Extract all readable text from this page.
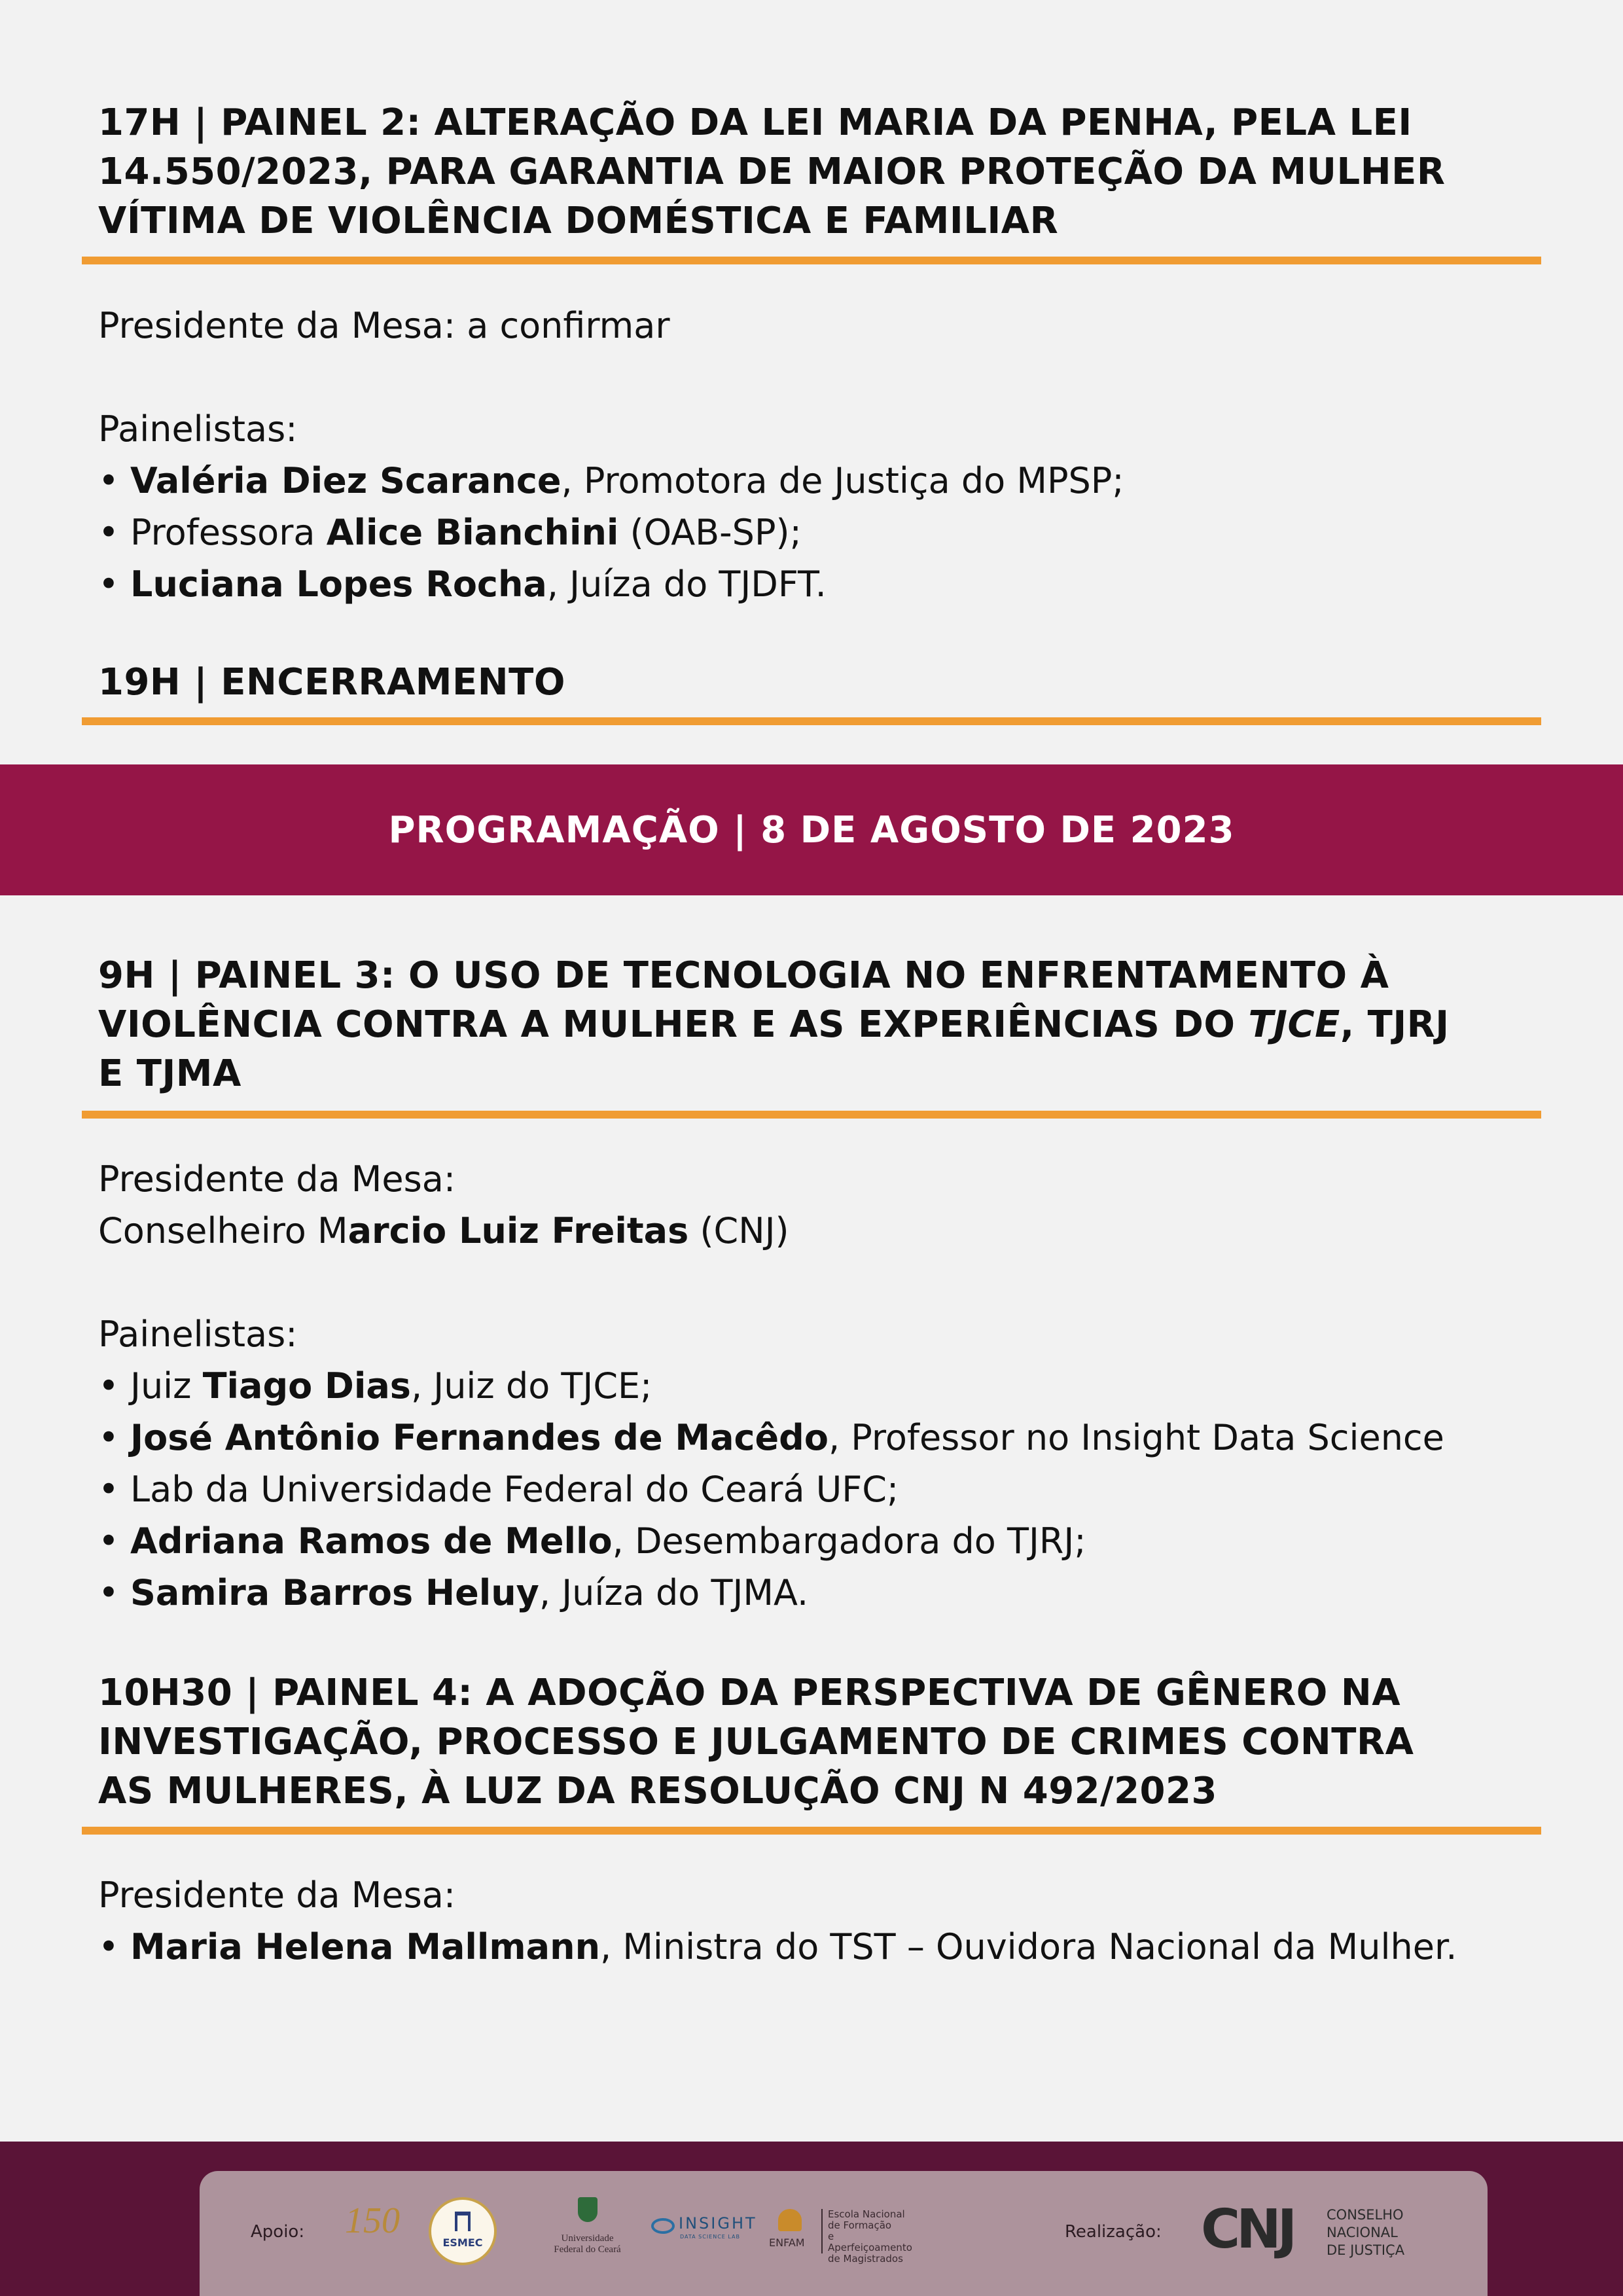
17H | PAINEL 2: ALTERAÇÃO DA LEI MARIA DA PENHA, PELA LEI

14.550/2023, PARA GARANTIA DE MAIOR PROTEÇÃO DA MULHER

VÍTIMA DE VIOLÊNCIA DOMÉSTICA E FAMILIAR

Presidente da Mesa: a confirmar

Painelistas:

• Valéria Diez Scarance, Promotora de Justiça do MPSP;

• Professora Alice Bianchini (OAB-SP);

• Luciana Lopes Rocha, Juíza do TJDFT.

19H | ENCERRAMENTO

PROGRAMAÇÃO | 8 DE AGOSTO DE 2023

9H | PAINEL 3: O USO DE TECNOLOGIA NO ENFRENTAMENTO À

VIOLÊNCIA CONTRA A MULHER E AS EXPERIÊNCIAS DO TJCE, TJRJ

E TJMA

Presidente da Mesa:

Conselheiro Marcio Luiz Freitas (CNJ)

Painelistas:

• Juiz Tiago Dias, Juiz do TJCE;

• José Antônio Fernandes de Macêdo, Professor no Insight Data Science

• Lab da Universidade Federal do Ceará UFC;

• Adriana Ramos de Mello, Desembargadora do TJRJ;

• Samira Barros Heluy, Juíza do TJMA.

10H30 | PAINEL 4: A ADOÇÃO DA PERSPECTIVA DE GÊNERO NA

INVESTIGAÇÃO, PROCESSO E JULGAMENTO DE CRIMES CONTRA

AS MULHERES, À LUZ DA RESOLUÇÃO CNJ N 492/2023

Presidente da Mesa:

• Maria Helena Mallmann, Ministra do TST – Ouvidora Nacional da Mulher.

Apoio: 150
ESMEC	Universidade
Federal do Ceará
INSIGHT
DATA SCIENCE LAB	ENFAM
Escola Nacional
de Formação
e Aperfeiçoamento
de Magistrados
Realização: CNJ CONSELHO
NACIONAL
DE JUSTIÇA
